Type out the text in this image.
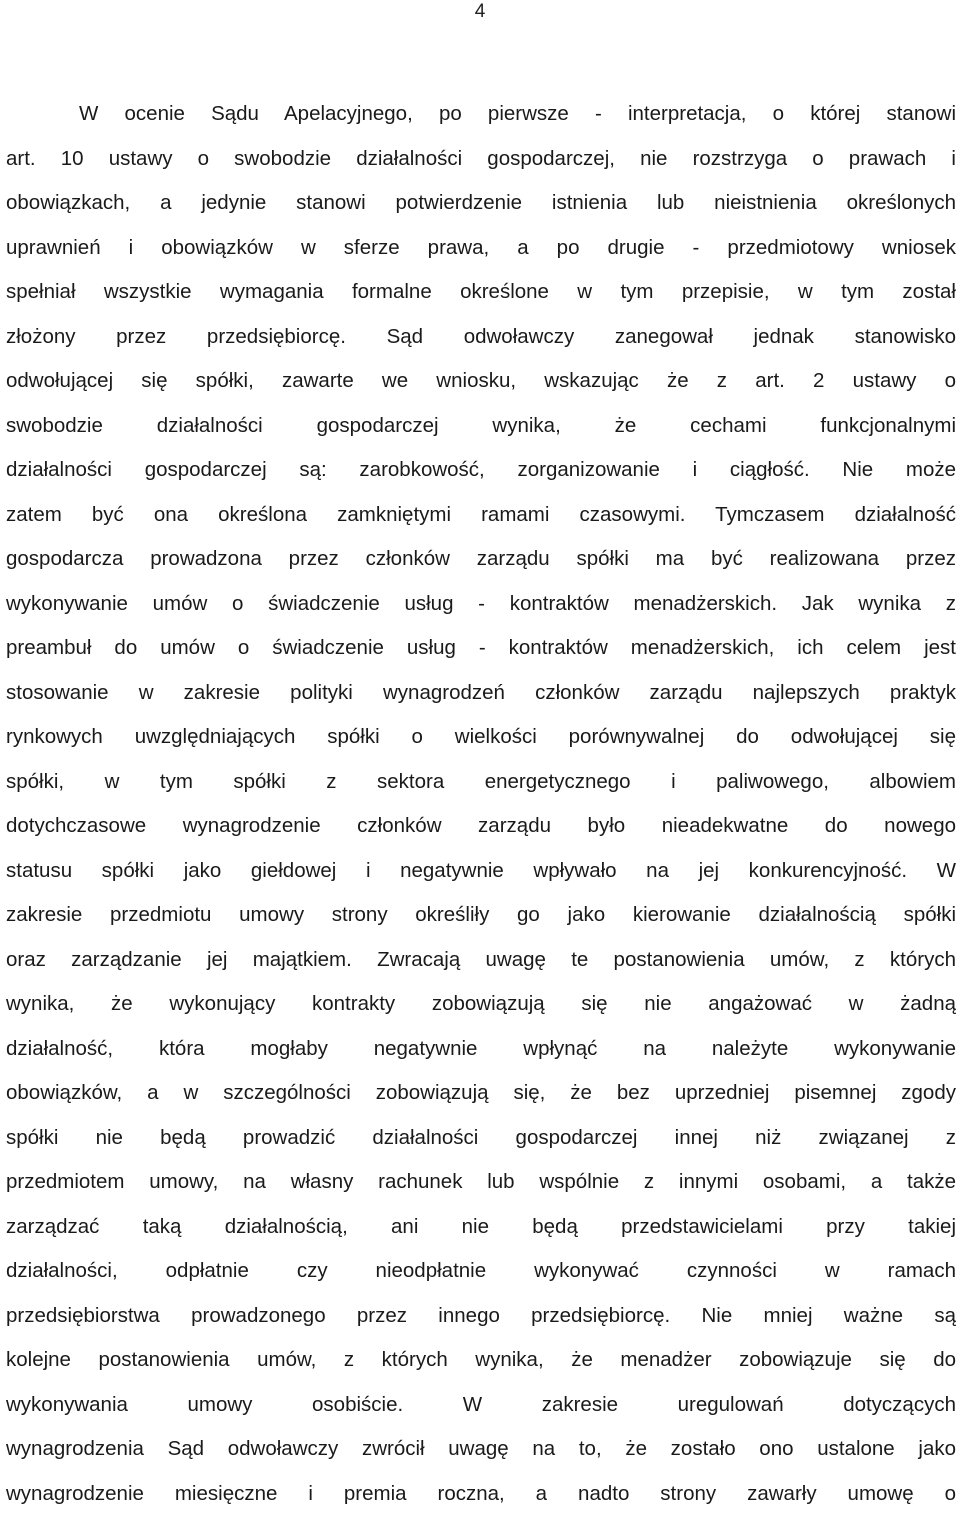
4
W ocenie Sądu Apelacyjnego, po pierwsze - interpretacja, o której stanowi
art. 10 ustawy o swobodzie działalności gospodarczej, nie rozstrzyga o prawach i
obowiązkach, a jedynie stanowi potwierdzenie istnienia lub nieistnienia określonych
uprawnień i obowiązków w sferze prawa, a po drugie - przedmiotowy wniosek
spełniał wszystkie wymagania formalne określone w tym przepisie, w tym został
złożony przez przedsiębiorcę. Sąd odwoławczy zanegował jednak stanowisko
odwołującej się spółki, zawarte we wniosku, wskazując że z art. 2 ustawy o
swobodzie działalności gospodarczej wynika, że cechami funkcjonalnymi
działalności gospodarczej są: zarobkowość, zorganizowanie i ciągłość. Nie może
zatem być ona określona zamkniętymi ramami czasowymi. Tymczasem działalność
gospodarcza prowadzona przez członków zarządu spółki ma być realizowana przez
wykonywanie umów o świadczenie usług - kontraktów menadżerskich. Jak wynika z
preambuł do umów o świadczenie usług - kontraktów menadżerskich, ich celem jest
stosowanie w zakresie polityki wynagrodzeń członków zarządu najlepszych praktyk
rynkowych uwzględniających spółki o wielkości porównywalnej do odwołującej się
spółki, w tym spółki z sektora energetycznego i paliwowego, albowiem
dotychczasowe wynagrodzenie członków zarządu było nieadekwatne do nowego
statusu spółki jako giełdowej i negatywnie wpływało na jej konkurencyjność. W
zakresie przedmiotu umowy strony określiły go jako kierowanie działalnością spółki
oraz zarządzanie jej majątkiem. Zwracają uwagę te postanowienia umów, z których
wynika, że wykonujący kontrakty zobowiązują się nie angażować w żadną
działalność, która mogłaby negatywnie wpłynąć na należyte wykonywanie
obowiązków, a w szczególności zobowiązują się, że bez uprzedniej pisemnej zgody
spółki nie będą prowadzić działalności gospodarczej innej niż związanej z
przedmiotem umowy, na własny rachunek lub wspólnie z innymi osobami, a także
zarządzać taką działalnością, ani nie będą przedstawicielami przy takiej
działalności, odpłatnie czy nieodpłatnie wykonywać czynności w ramach
przedsiębiorstwa prowadzonego przez innego przedsiębiorcę. Nie mniej ważne są
kolejne postanowienia umów, z których wynika, że menadżer zobowiązuje się do
wykonywania umowy osobiście. W zakresie uregulowań dotyczących
wynagrodzenia Sąd odwoławczy zwrócił uwagę na to, że zostało ono ustalone jako
wynagrodzenie miesięczne i premia roczna, a nadto strony zawarły umowę o
